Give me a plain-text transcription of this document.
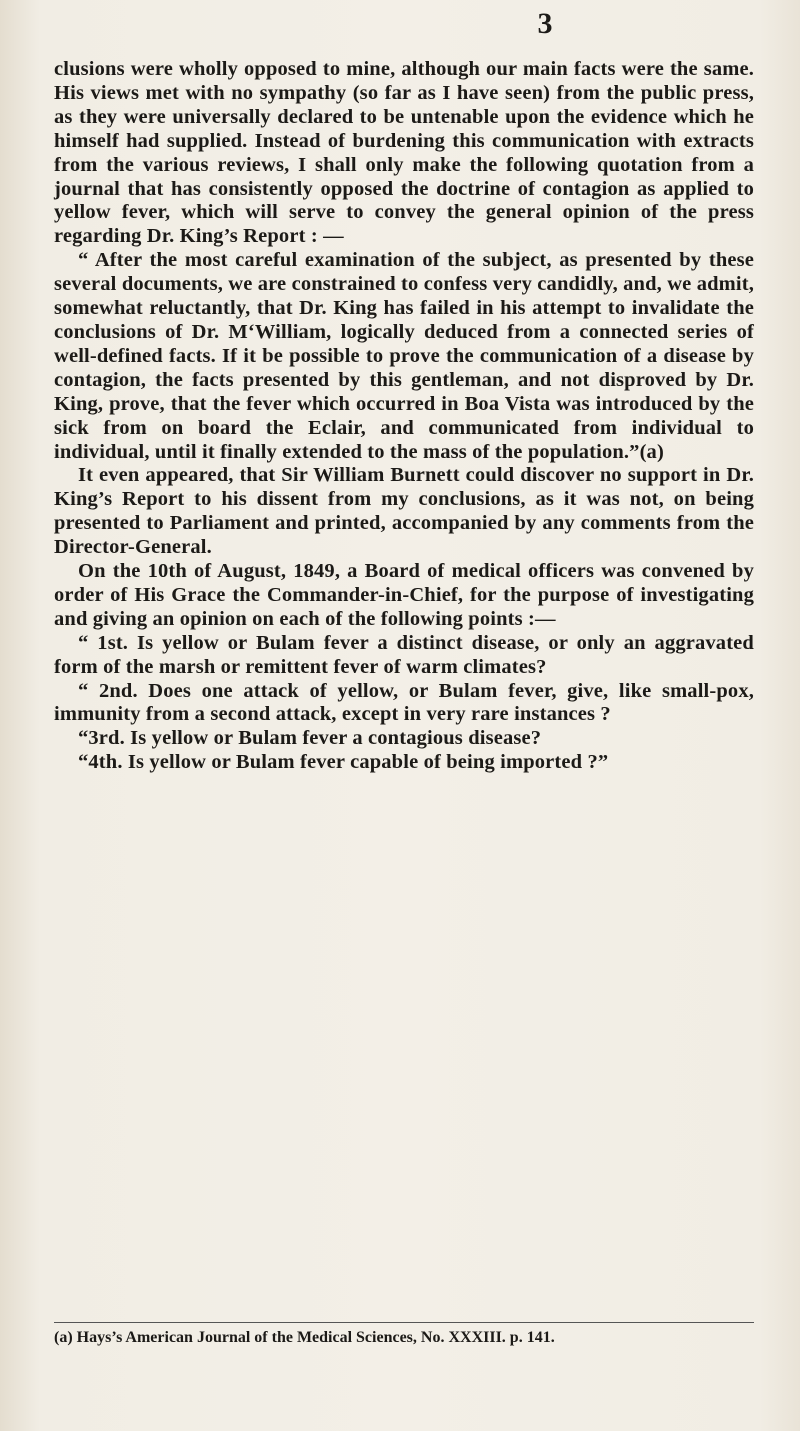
3

clusions were wholly opposed to mine, although our main facts were the same. His views met with no sympathy (so far as I have seen) from the public press, as they were universally declared to be untenable upon the evidence which he himself had supplied. Instead of burdening this communication with extracts from the various reviews, I shall only make the following quotation from a journal that has consistently opposed the doctrine of contagion as applied to yellow fever, which will serve to convey the general opinion of the press regarding Dr. King’s Report : —

“ After the most careful examination of the subject, as presented by these several documents, we are constrained to confess very candidly, and, we admit, somewhat reluctantly, that Dr. King has failed in his attempt to invalidate the conclusions of Dr. M‘William, logically deduced from a connected series of well-defined facts. If it be possible to prove the communication of a disease by contagion, the facts presented by this gentleman, and not disproved by Dr. King, prove, that the fever which occurred in Boa Vista was introduced by the sick from on board the Eclair, and communicated from individual to individual, until it finally extended to the mass of the population.”(a)

It even appeared, that Sir William Burnett could discover no support in Dr. King’s Report to his dissent from my conclusions, as it was not, on being presented to Parliament and printed, accompanied by any comments from the Director-General.

On the 10th of August, 1849, a Board of medical officers was convened by order of His Grace the Commander-in-Chief, for the purpose of investigating and giving an opinion on each of the following points :—

“ 1st. Is yellow or Bulam fever a distinct disease, or only an aggravated form of the marsh or remittent fever of warm climates?

“ 2nd. Does one attack of yellow, or Bulam fever, give, like small-pox, immunity from a second attack, except in very rare instances ?

“3rd. Is yellow or Bulam fever a contagious disease?

“4th. Is yellow or Bulam fever capable of being imported ?”

(a) Hays’s American Journal of the Medical Sciences, No. XXXIII. p. 141.
